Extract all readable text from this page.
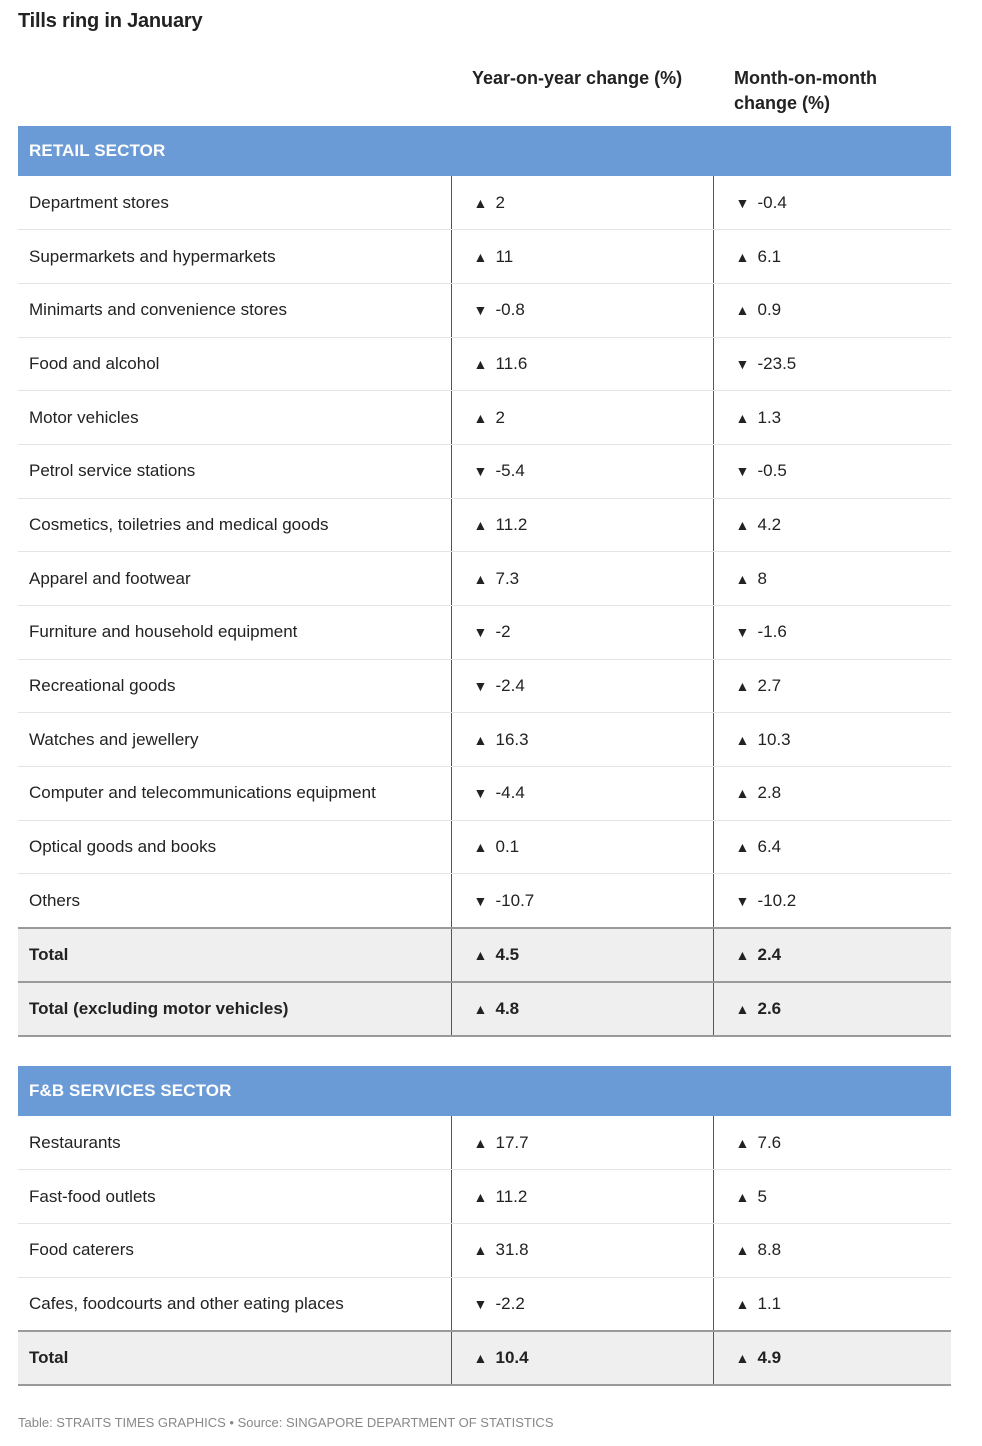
Tills ring in January
Year-on-year change (%)	Month-on-month change (%)
RETAIL SECTOR		
Department stores	▲ 2	▼ -0.4
Supermarkets and hypermarkets	▲ 11	▲ 6.1
Minimarts and convenience stores	▼ -0.8	▲ 0.9
Food and alcohol	▲ 11.6	▼ -23.5
Motor vehicles	▲ 2	▲ 1.3
Petrol service stations	▼ -5.4	▼ -0.5
Cosmetics, toiletries and medical goods	▲ 11.2	▲ 4.2
Apparel and footwear	▲ 7.3	▲ 8
Furniture and household equipment	▼ -2	▼ -1.6
Recreational goods	▼ -2.4	▲ 2.7
Watches and jewellery	▲ 16.3	▲ 10.3
Computer and telecommunications equipment	▼ -4.4	▲ 2.8
Optical goods and books	▲ 0.1	▲ 6.4
Others	▼ -10.7	▼ -10.2
Total	▲ 4.5	▲ 2.4
Total (excluding motor vehicles)	▲ 4.8	▲ 2.6
F&B SERVICES SECTOR		
Restaurants	▲ 17.7	▲ 7.6
Fast-food outlets	▲ 11.2	▲ 5
Food caterers	▲ 31.8	▲ 8.8
Cafes, foodcourts and other eating places	▼ -2.2	▲ 1.1
Total	▲ 10.4	▲ 4.9
Table: STRAITS TIMES GRAPHICS • Source: SINGAPORE DEPARTMENT OF STATISTICS
